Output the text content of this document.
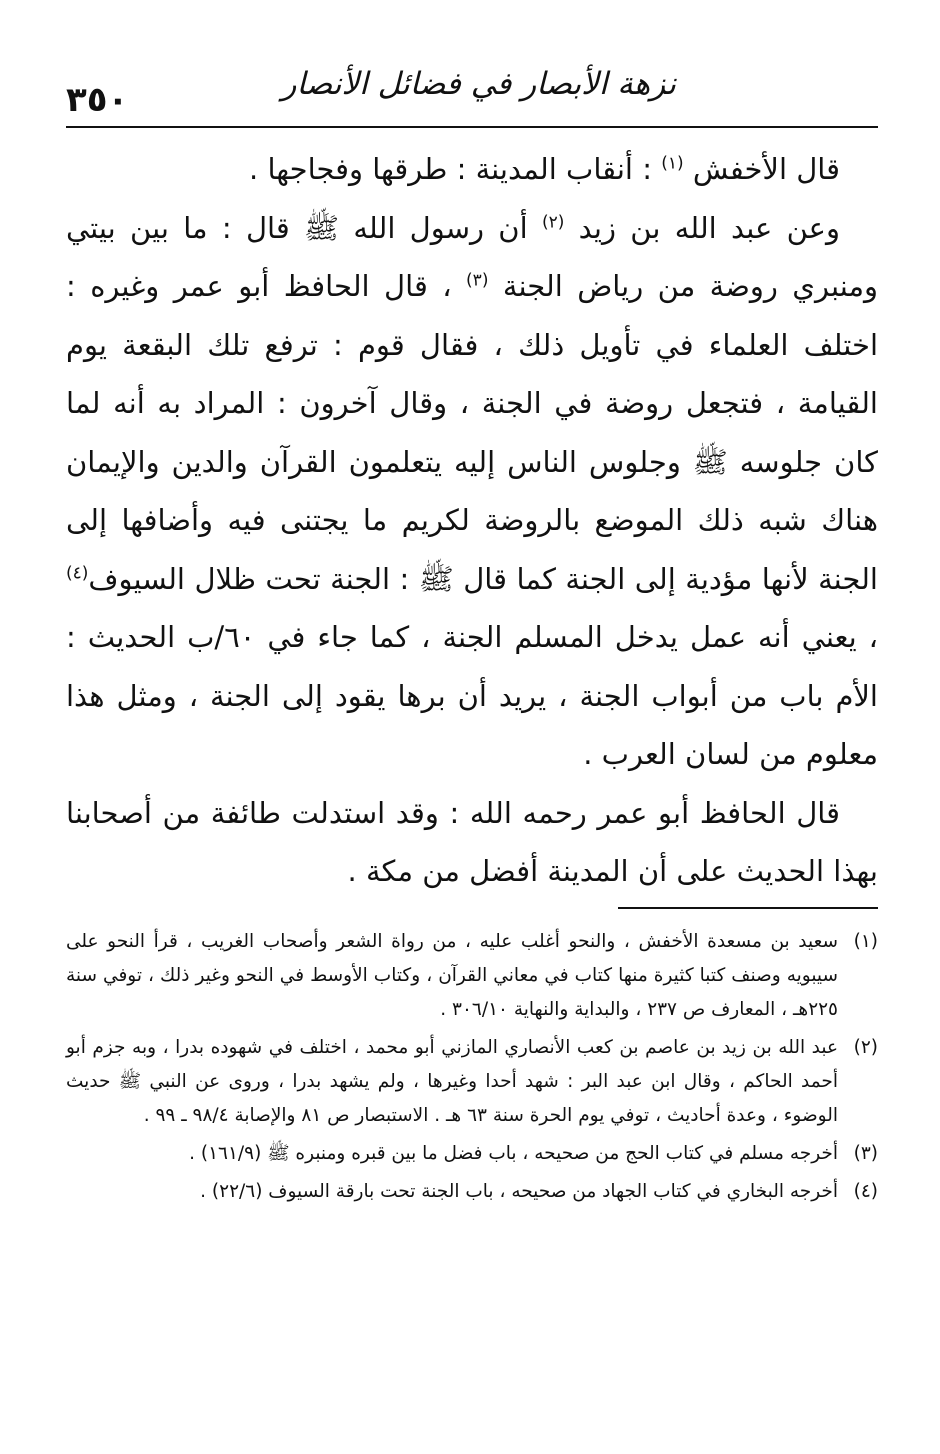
٣٥٠	نزهة الأبصار في فضائل الأنصار

قال الأخفش $^{(١)}$ : أنقاب المدينة : طرقها وفجاجها .

وعن عبد الله بن زيد $^{(٢)}$ أن رسول الله ﷺ قال : ما بين بيتي ومنبري روضة من رياض الجنة $^{(٣)}$ ، قال الحافظ أبو عمر وغيره : اختلف العلماء في تأويل ذلك ، فقال قوم : ترفع تلك البقعة يوم القيامة ، فتجعل روضة في الجنة ، وقال آخرون : المراد به أنه لما كان جلوسه ﷺ وجلوس الناس إليه يتعلمون القرآن والدين والإيمان هناك شبه ذلك الموضع بالروضة لكريم ما يجتنى فيه وأضافها إلى الجنة لأنها مؤدية إلى الجنة كما قال ﷺ : الجنة تحت ظلال السيوف$^{(٤)}$ ، يعني أنه عمل يدخل المسلم الجنة ، كما جاء في ٦٠/ب الحديث : الأم باب من أبواب الجنة ، يريد أن برها يقود إلى الجنة ، ومثل هذا معلوم من لسان العرب .

قال الحافظ أبو عمر رحمه الله : وقد استدلت طائفة من أصحابنا بهذا الحديث على أن المدينة أفضل من مكة .

(١)سعيد بن مسعدة الأخفش ، والنحو أغلب عليه ، من رواة الشعر وأصحاب الغريب ، قرأ النحو على سيبويه وصنف كتبا كثيرة منها كتاب في معاني القرآن ، وكتاب الأوسط في النحو وغير ذلك ، توفي سنة ٢٢٥هـ ، المعارف ص ٢٣٧ ، والبداية والنهاية ٣٠٦/١٠ .

(٢)عبد الله بن زيد بن عاصم بن كعب الأنصاري المازني أبو محمد ، اختلف في شهوده بدرا ، وبه جزم أبو أحمد الحاكم ، وقال ابن عبد البر : شهد أحدا وغيرها ، ولم يشهد بدرا ، وروى عن النبي ﷺ حديث الوضوء ، وعدة أحاديث ، توفي يوم الحرة سنة ٦٣ هـ . الاستبصار ص ٨١ والإصابة ٩٨/٤ ـ ٩٩ .

(٣)أخرجه مسلم في كتاب الحج من صحيحه ، باب فضل ما بين قبره ومنبره ﷺ (١٦١/٩) .

(٤)أخرجه البخاري في كتاب الجهاد من صحيحه ، باب الجنة تحت بارقة السيوف (٢٢/٦) .
